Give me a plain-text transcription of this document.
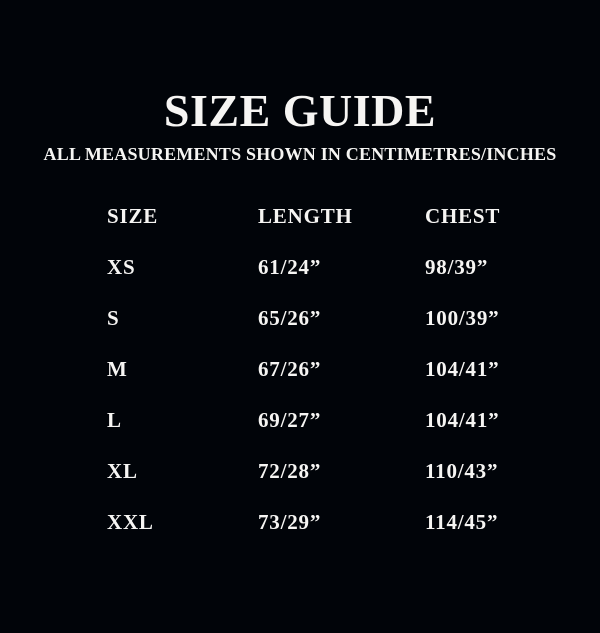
SIZE GUIDE

ALL MEASUREMENTS SHOWN IN CENTIMETRES/INCHES

SIZE	LENGTH	CHEST
XS	61/24”	98/39”
S	65/26”	100/39”
M	67/26”	104/41”
L	69/27”	104/41”
XL	72/28”	110/43”
XXL	73/29”	114/45”
